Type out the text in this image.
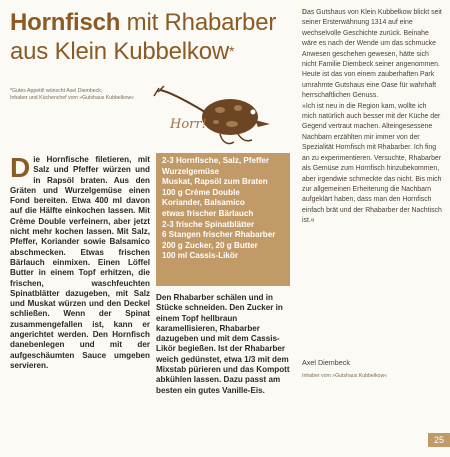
Hornfisch mit Rhabarber
aus Klein Kubbelkow*
*Gutes Appetit! wünscht Axel Diembeck,
Inhaber und Küchenchef vom »Gutshaus Kubbelkow«
Horr!
D ie Hornfische filetieren, mit Salz und Pfeffer würzen und in Rapsöl braten. Aus den Gräten und Wurzelgemüse einen Fond bereiten. Etwa 400 ml davon auf die Hälfte einkochen lassen. Mit Crème Double verfeinern, aber jetzt nicht mehr kochen lassen. Mit Salz, Pfeffer, Koriander sowie Balsamico abschmecken. Etwas frischen Bärlauch einmixen. Einen Löffel Butter in einem Topf erhitzen, die frischen, waschfeuchten Spinatblätter dazugeben, mit Salz und Muskat würzen und den Deckel schließen. Wenn der Spinat zusammengefallen ist, kann er angerichtet werden. Den Hornfisch danebenlegen und mit der aufgeschäumten Sauce umgeben servieren.

2-3 Hornfische, Salz, Pfeffer
Wurzelgemüse
Muskat, Rapsöl zum Braten
100 g Crème Double
Koriander, Balsamico
etwas frischer Bärlauch
2-3 frische Spinatblätter
6 Stangen frischer Rhabarber
200 g Zucker, 20 g Butter
100 ml Cassis-Likör

Den Rhabarber schälen und in Stücke schneiden. Den Zucker in einem Topf hellbraun karamellisieren, Rhabarber dazugeben und mit dem Cassis-Likör begießen. Ist der Rhabarber weich gedünstet, etwa 1/3 mit dem Mixstab pürieren und das Kompott abkühlen lassen. Dazu passt am besten ein gutes Vanille-Eis.

Das Gutshaus von Klein Kubbelkow blickt seit seiner Ersterwähnung 1314 auf eine wechselvolle Geschichte zurück. Beinahe wäre es nach der Wende um das schmucke Anwesen geschehen gewesen, hätte sich nicht Familie Diembeck seiner angenommen. Heute ist das von einem zauberhaften Park umrahmte Gutshaus eine Oase für wahrhaft herrschaftlichen Genuss.

»Ich ist neu in die Region kam, wollte ich mich natürlich auch besser mit der Küche der Gegend vertraut machen. Alteingesessene Nachbarn erzählten mir immer von der Spezialität Hornfisch mit Rhabarber. Ich fing an zu experimentieren. Versuchte, Rhabarber als Gemüse zum Hornfisch hinzubekommen, aber irgendwie schmeckte das nicht. Bis mich zur allgemeinen Erheiterung die Nachbarn aufgeklärt haben, dass man den Hornfisch einfach brät und der Rhabarber der Nachtisch ist.«

Axel Diembeck
Inhaber vom »Gutshaus Kubbelkow«
25
